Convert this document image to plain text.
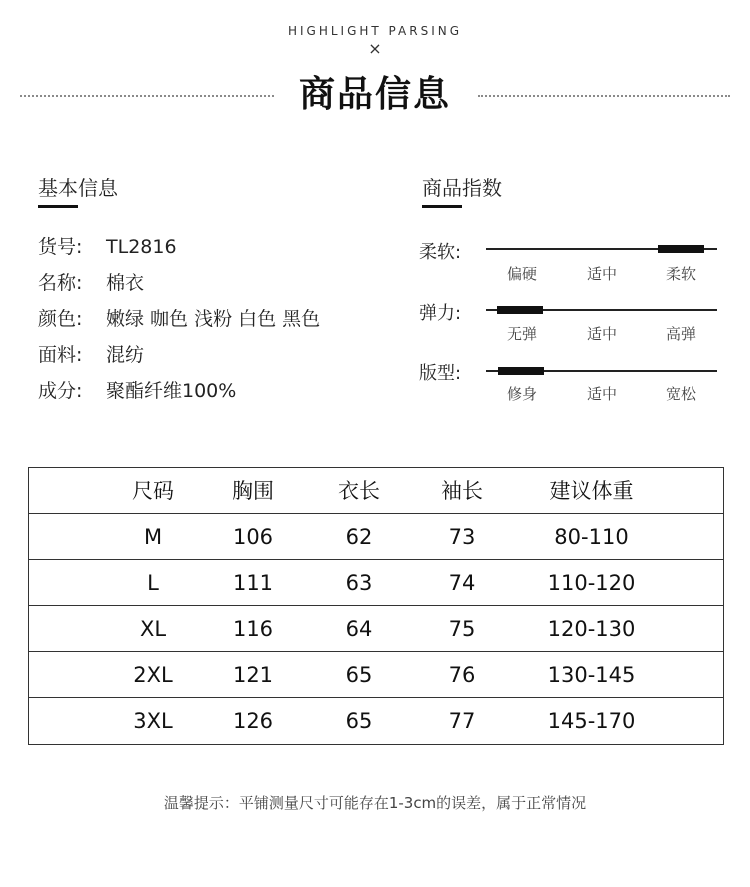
HIGHLIGHT PARSING
×
商品信息
基本信息
货号: TL2816
名称: 棉衣
颜色: 嫩绿 咖色 浅粉 白色 黑色
面料: 混纺
成分: 聚酯纤维100%
商品指数
柔软:
偏硬	适中	柔软
弹力:
无弹	适中	高弹
版型:
修身	适中	宽松
尺码	胸围	衣长	袖长	建议体重
M	106	62	73	80-110
L	111	63	74	110-120
XL	116	64	75	120-130
2XL	121	65	76	130-145
3XL	126	65	77	145-170
温馨提示：平铺测量尺寸可能存在1-3cm的误差，属于正常情况
